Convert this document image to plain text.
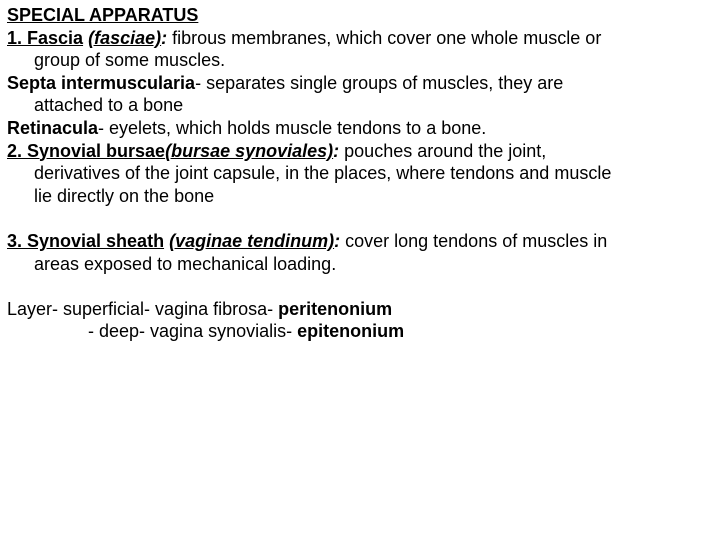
SPECIAL APPARATUS
1. Fascia (fasciae): fibrous membranes, which cover one whole muscle or
group of some muscles.
Septa intermuscularia- separates single groups of muscles, they are
attached to a bone
Retinacula- eyelets, which holds muscle tendons to a bone.
2. Synovial bursae(bursae synoviales): pouches around the joint,
derivatives of the joint capsule, in the places, where tendons and muscle
lie directly on the bone
3. Synovial sheath (vaginae tendinum): cover long tendons of muscles in
areas exposed to mechanical loading.
Layer- superficial- vagina fibrosa- peritenonium
- deep- vagina synovialis- epitenonium
